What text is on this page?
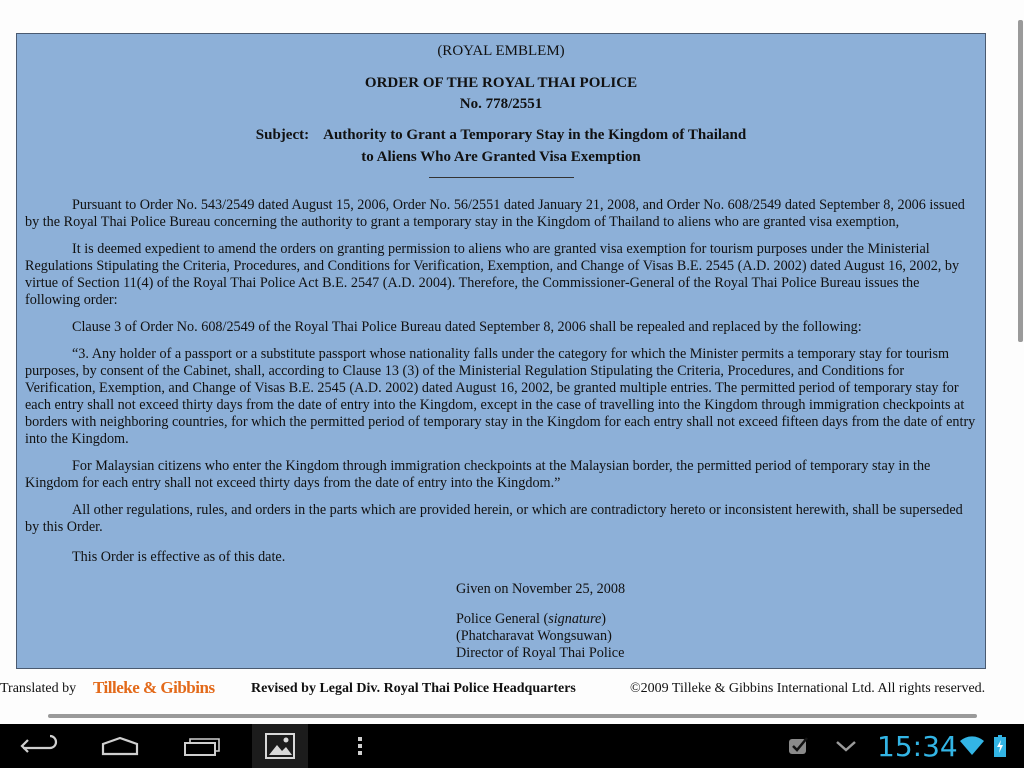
(ROYAL EMBLEM)

ORDER OF THE ROYAL THAI POLICE

No. 778/2551

Subject: Authority to Grant a Temporary Stay in the Kingdom of Thailand
to Aliens Who Are Granted Visa Exemption

Pursuant to Order No. 543/2549 dated August 15, 2006, Order No. 56/2551 dated January 21, 2008, and Order No. 608/2549 dated September 8, 2006 issued by the Royal Thai Police Bureau concerning the authority to grant a temporary stay in the Kingdom of Thailand to aliens who are granted visa exemption,

It is deemed expedient to amend the orders on granting permission to aliens who are granted visa exemption for tourism purposes under the Ministerial Regulations Stipulating the Criteria, Procedures, and Conditions for Verification, Exemption, and Change of Visas B.E. 2545 (A.D. 2002) dated August 16, 2002, by virtue of Section 11(4) of the Royal Thai Police Act B.E. 2547 (A.D. 2004). Therefore, the Commissioner-General of the Royal Thai Police Bureau issues the following order:

Clause 3 of Order No. 608/2549 of the Royal Thai Police Bureau dated September 8, 2006 shall be repealed and replaced by the following:

“3. Any holder of a passport or a substitute passport whose nationality falls under the category for which the Minister permits a temporary stay for tourism purposes, by consent of the Cabinet, shall, according to Clause 13 (3) of the Ministerial Regulation Stipulating the Criteria, Procedures, and Conditions for Verification, Exemption, and Change of Visas B.E. 2545 (A.D. 2002) dated August 16, 2002, be granted multiple entries. The permitted period of temporary stay for each entry shall not exceed thirty days from the date of entry into the Kingdom, except in the case of travelling into the Kingdom through immigration checkpoints at borders with neighboring countries, for which the permitted period of temporary stay in the Kingdom for each entry shall not exceed fifteen days from the date of entry into the Kingdom.

For Malaysian citizens who enter the Kingdom through immigration checkpoints at the Malaysian border, the permitted period of temporary stay in the Kingdom for each entry shall not exceed thirty days from the date of entry into the Kingdom.”

All other regulations, rules, and orders in the parts which are provided herein, or which are contradictory hereto or inconsistent herewith, shall be superseded by this Order.

This Order is effective as of this date.

Given on November 25, 2008
Police General (signature)
(Phatcharavat Wongsuwan)
Director of Royal Thai Police
Translated by Tilleke & Gibbins	Revised by Legal Div. Royal Thai Police Headquarters	©2009 Tilleke & Gibbins International Ltd. All rights reserved.
15:34
